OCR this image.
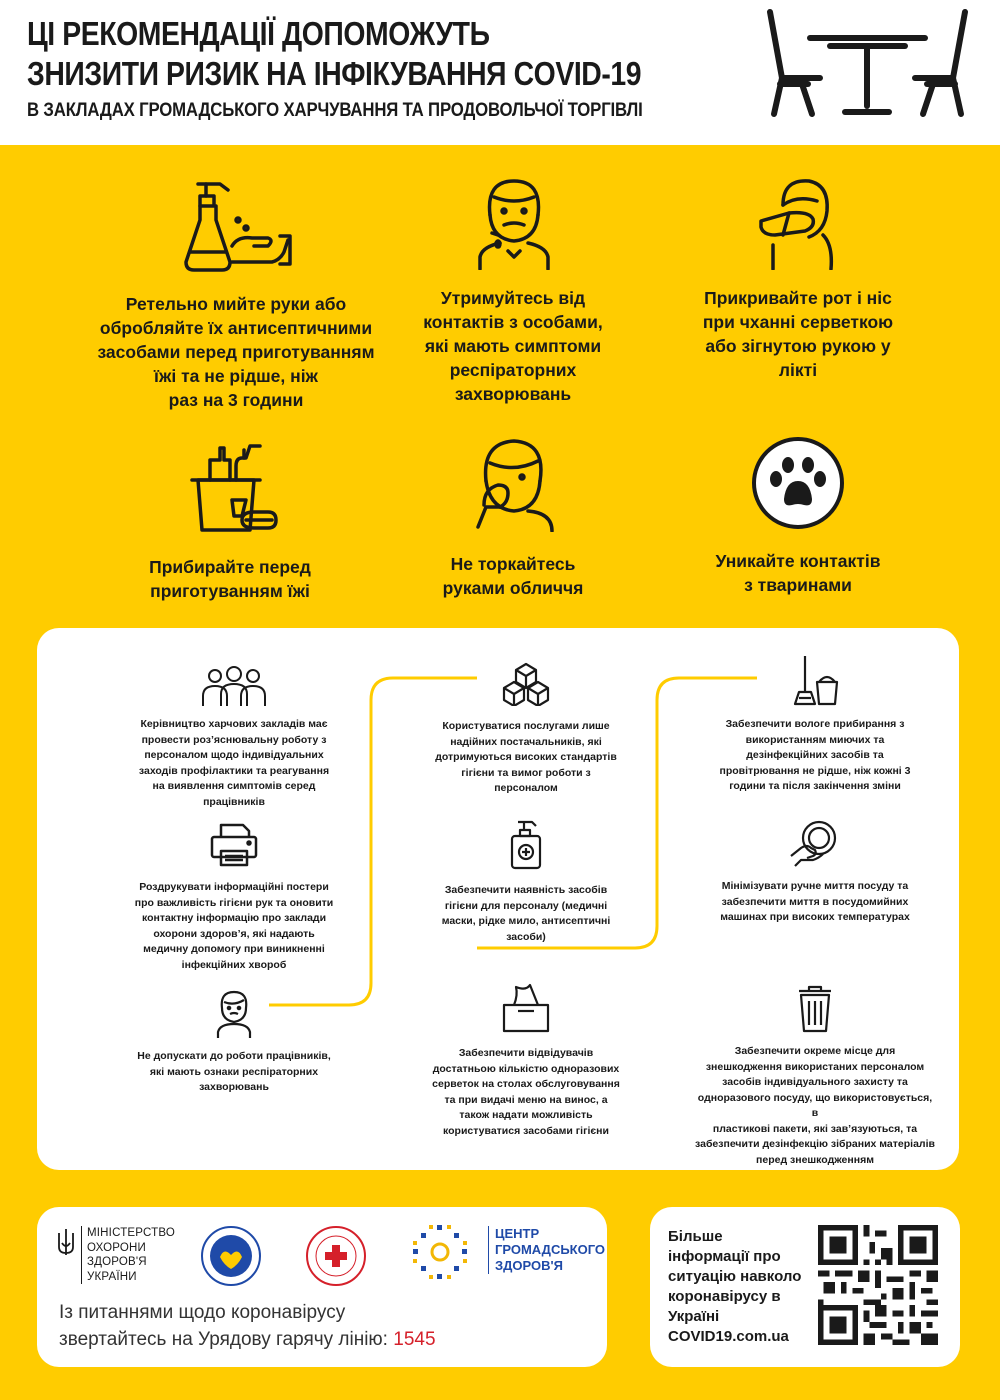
ЦІ РЕКОМЕНДАЦІЇ ДОПОМОЖУТЬ
ЗНИЗИТИ РИЗИК НА ІНФІКУВАННЯ COVID-19
В ЗАКЛАДАХ ГРОМАДСЬКОГО ХАРЧУВАННЯ ТА ПРОДОВОЛЬЧОЇ ТОРГІВЛІ
Ретельно мийте руки або
обробляйте їх антисептичними
засобами перед приготуванням
їжі та не рідше, ніж
раз на 3 години
Утримуйтесь від
контактів з особами,
які мають симптоми
респіраторних
захворювань
Прикривайте рот і ніс
при чханні серветкою
або зігнутою рукою у
лікті
Прибирайте перед
приготуванням їжі
Не торкайтесь
руками обличчя
Уникайте контактів
з тваринами
Керівництво харчових закладів має
провести роз’яснювальну роботу з
персоналом щодо індивідуальних
заходів профілактики та реагування
на виявлення симптомів серед
працівників
Роздрукувати інформаційні постери
про важливість гігієни рук та оновити
контактну інформацію про заклади
охорони здоров’я, які надають
медичну допомогу при виникненні
інфекційних хвороб
Не допускати до роботи працівників,
які мають ознаки респіраторних
захворювань
Користуватися послугами лише
надійних постачальників, які
дотримуються високих стандартів
гігієни та вимог роботи з
персоналом
Забезпечити наявність засобів
гігієни для персоналу (медичні
маски, рідке мило, антисептичні
засоби)
Забезпечити відвідувачів
достатньою кількістю одноразових
серветок на столах обслуговування
та при видачі меню на винос, а
також надати можливість
користуватися засобами гігієни
Забезпечити вологе прибирання з
використанням миючих та
дезінфекційних засобів та
провітрювання не рідше, ніж кожні 3
години та після закінчення зміни
Мінімізувати ручне миття посуду та
забезпечити миття в посудомийних
машинах при високих температурах
Забезпечити окреме місце для
знешкодження використаних персоналом
засобів індивідуального захисту та
одноразового посуду, що використовується, в
пластикові пакети, які зав’язуються, та
забезпечити дезінфекцію зібраних матеріалів
перед знешкодженням
МІНІСТЕРСТВО
ОХОРОНИ
ЗДОРОВ'Я
УКРАЇНИ
ЦЕНТР
ГРОМАДСЬКОГО
ЗДОРОВ'Я
Із питаннями щодо коронавірусу
звертайтесь на Урядову гарячу лінію: 1545
Більше
інформації про
ситуацію навколо
коронавірусу в
Україні
COVID19.com.ua
